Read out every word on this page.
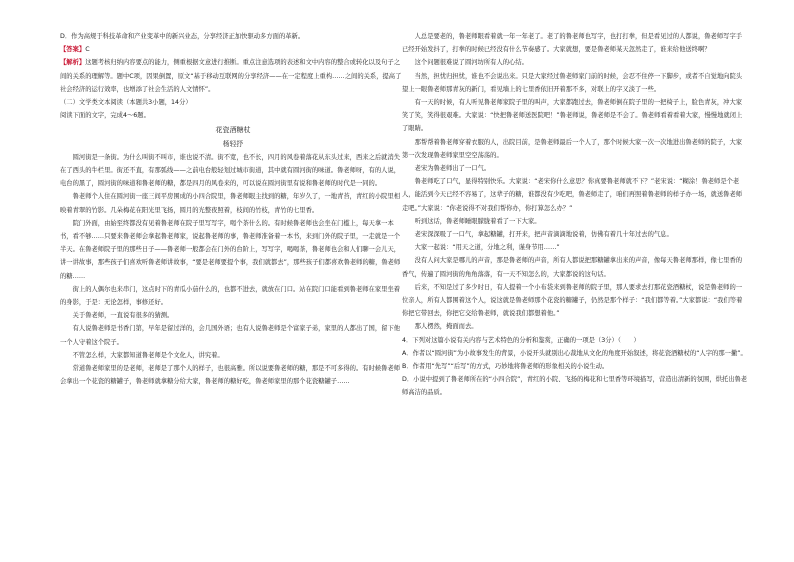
D．作为高规于科技革命和产业变革中的新兴业态，分享经济正加快驱动多方面的革新。

【答案】C

【解析】这题考核归纳内容要点的能力，侧重根据文意进行推断。重点注意选项的表述和文中内容的整合或转化以及句子之间的关系的理解等。题中C项，因果倒置，原文“基于移动互联网的分享经济——在一定程度上重构……之间的关系，提高了社会经济的运行效率，也增添了社会生活的人文情怀”。

（二）文学类文本阅读（本题共3小题，14分）

阅读下面的文字，完成4～6题。

花瓷酒糖杖

杨轻抒

圆河街是一条街。为什么叫街不叫市，谁也说不清。街不宽，也不长，四月的风卷着落花从东头过来，西来之后就消失在了西头的牛栏里。街还不直，有那弧线——之前电台般轻划过城市街道，其中就有圆河街的味道。鲁老师呀，有的人说，电台的黑了，圆河街的味道和鲁老师的糖，都是四月的风卷来的，可以说在圆河街里有说和鲁老师的时代是一同的。

鲁老师个人住在圆河街一座三间平房围成的小四合院里，鲁老师眼主找到的糖，年岁久了，一地青苔，青红的小院里相映着青翠的竹影。几朵梅花在阳光里飞扬，圆月的光整夜照着，枝间的竹枝，青竹的七里香。

院门外面，由始至终都没有见着鲁老师在院子里写写字，喝个茶什么的。有时候鲁老师也会坐在门槛上，每天拿一本书，看不够……只要来鲁老师会拿起鲁老师家，说起鲁老师的事，鲁老师准备着一本书，来到门外的院子里，一走就是一个半天。在鲁老师院子里的那些日子——鲁老师一般都会在门外的台阶上，写写字，喝喝茶，鲁老师也会和人们聊一会儿天，讲一讲故事，那些孩子们喜欢听鲁老师讲故事，“要是老师要提个事，我们就都去”，那些孩子们都喜欢鲁老师的糖，鲁老师的糖……

街上的人偶尔也来串门，这点时下的青瓜小茄什么的，也都不进去，就放在门口。站在院门口能看到鲁老师在家里坐着的身影，于是：无论怎样，事修还好。

关于鲁老师，一直说有很多的猜测。

有人说鲁老师是书香门第，早年是留过洋的，会几国外语；也有人说鲁老师是个富家子弟，家里的人都出了国，留下他一个人守着这个院子。

不管怎么样，大家都知道鲁老师是个文化人，讲究着。

常道鲁老师家里的是老师，老师是了那个人的样子，也很高雅。所以说要鲁老师的糖，那是不可多得的。有时候鲁老师会拿出一个花瓷的糖罐子，鲁老师就拿糖分给大家，鲁老师的糖好吃，鲁老师家里的那个花瓷糖罐子……

人总是要老的，鲁老师眼看着就一年一年老了。老了的鲁老师也写字，也打打拳，但是看见过的人都说，鲁老师写字手已经开始发抖了，打拳的时候已经没有什么节奏感了。大家就想，要是鲁老师某天忽然走了，谁来给他送终啊？

这个问题很难说了圆河坊所有人的心结。

当然，担忧归担忧，谁也不会说出来。只是大家经过鲁老师家门前的时候，会忍不住停一下脚步，或者不自觉地向院头望上一眼鲁老师那青灰的新门，看见墙上的七里香依旧开着那不多，对联上的字又淡了一些。

有一天的时候，有人听见鲁老师家院子里的叫声，大家都跑过去，鲁老师倒在院子里的一把椅子上，脸色青灰，冲大家笑了笑，笑得很艰难。大家说：“快把鲁老师送医院吧！”鲁老师说，鲁老师是不会了。鲁老师看着看着大家，慢慢地就闭上了眼睛。

那帮帮着鲁老师穿着衣服的人，出院目前，是鲁老师最后一个人了，那个时候大家一次一次地进出鲁老师的院子，大家第一次发现鲁老师家里空空荡荡的。

老宋为鲁老师出了一口气。

鲁老师吃了口气，显得特别快乐。大家说：“老宋你什么意思？你真要鲁老师就不下？”老宋说：“糊涂！鲁老师是个老人，能活到今天已经不容易了，这辈子的糖，谁都没有少吃吧，鲁老师走了，咱们再照着鲁老师的样子办一场，就送鲁老师走吧。”大家说：“你老说得不对我们帮你办，你打算怎么办？”

听到这话，鲁老师睡眼朦胧着看了一下大家。

老宋深深吸了一口气，拿起糖罐，打开来，把声音滴滴地说着，仿佛有着几十年过去的气息。

大家一起说：“用天之道，分地之利，谨身节用……”

没有人问大家是哪儿的声音，那是鲁老师的声音，所有人都说把那糖罐拿出来的声音，像每天鲁老师那样，像七里香的香气，传遍了圆河街的角角落落，有一天不知怎么的，大家都说的这句话。

后来，不知是过了多少时日，有人提着一个小布袋来到鲁老师的院子里，那人要求去打那花瓷酒糖杖，说是鲁老师的一位亲人，所有人都围着这个人，说这就是鲁老师那个花瓷的糖罐子，仍然是那个样子：“我们都等着。”大家都说：“我们等着你把它带回去，你把它交给鲁老师，就说我们都想着他。”

那人楞然，掩面而去。

4．下列对这篇小说有关内容与艺术特色的分析和鉴赏，正确的一项是（3分）（　　）

A．作者以“圆河街”为小故事发生的背景，小说开头就别出心裁地从文化的角度开始叙述，将花瓷酒糖杖的“人字的那一撇”。

B．作者用“先写”“后写”的方式，巧妙地将鲁老师的形象相关的小说生动。

D．小说中提到了鲁老师所在的“小四合院”，青红的小院、飞扬的梅花和七里香等环境描写，营造出清新的氛围，烘托出鲁老师高洁的品质。
